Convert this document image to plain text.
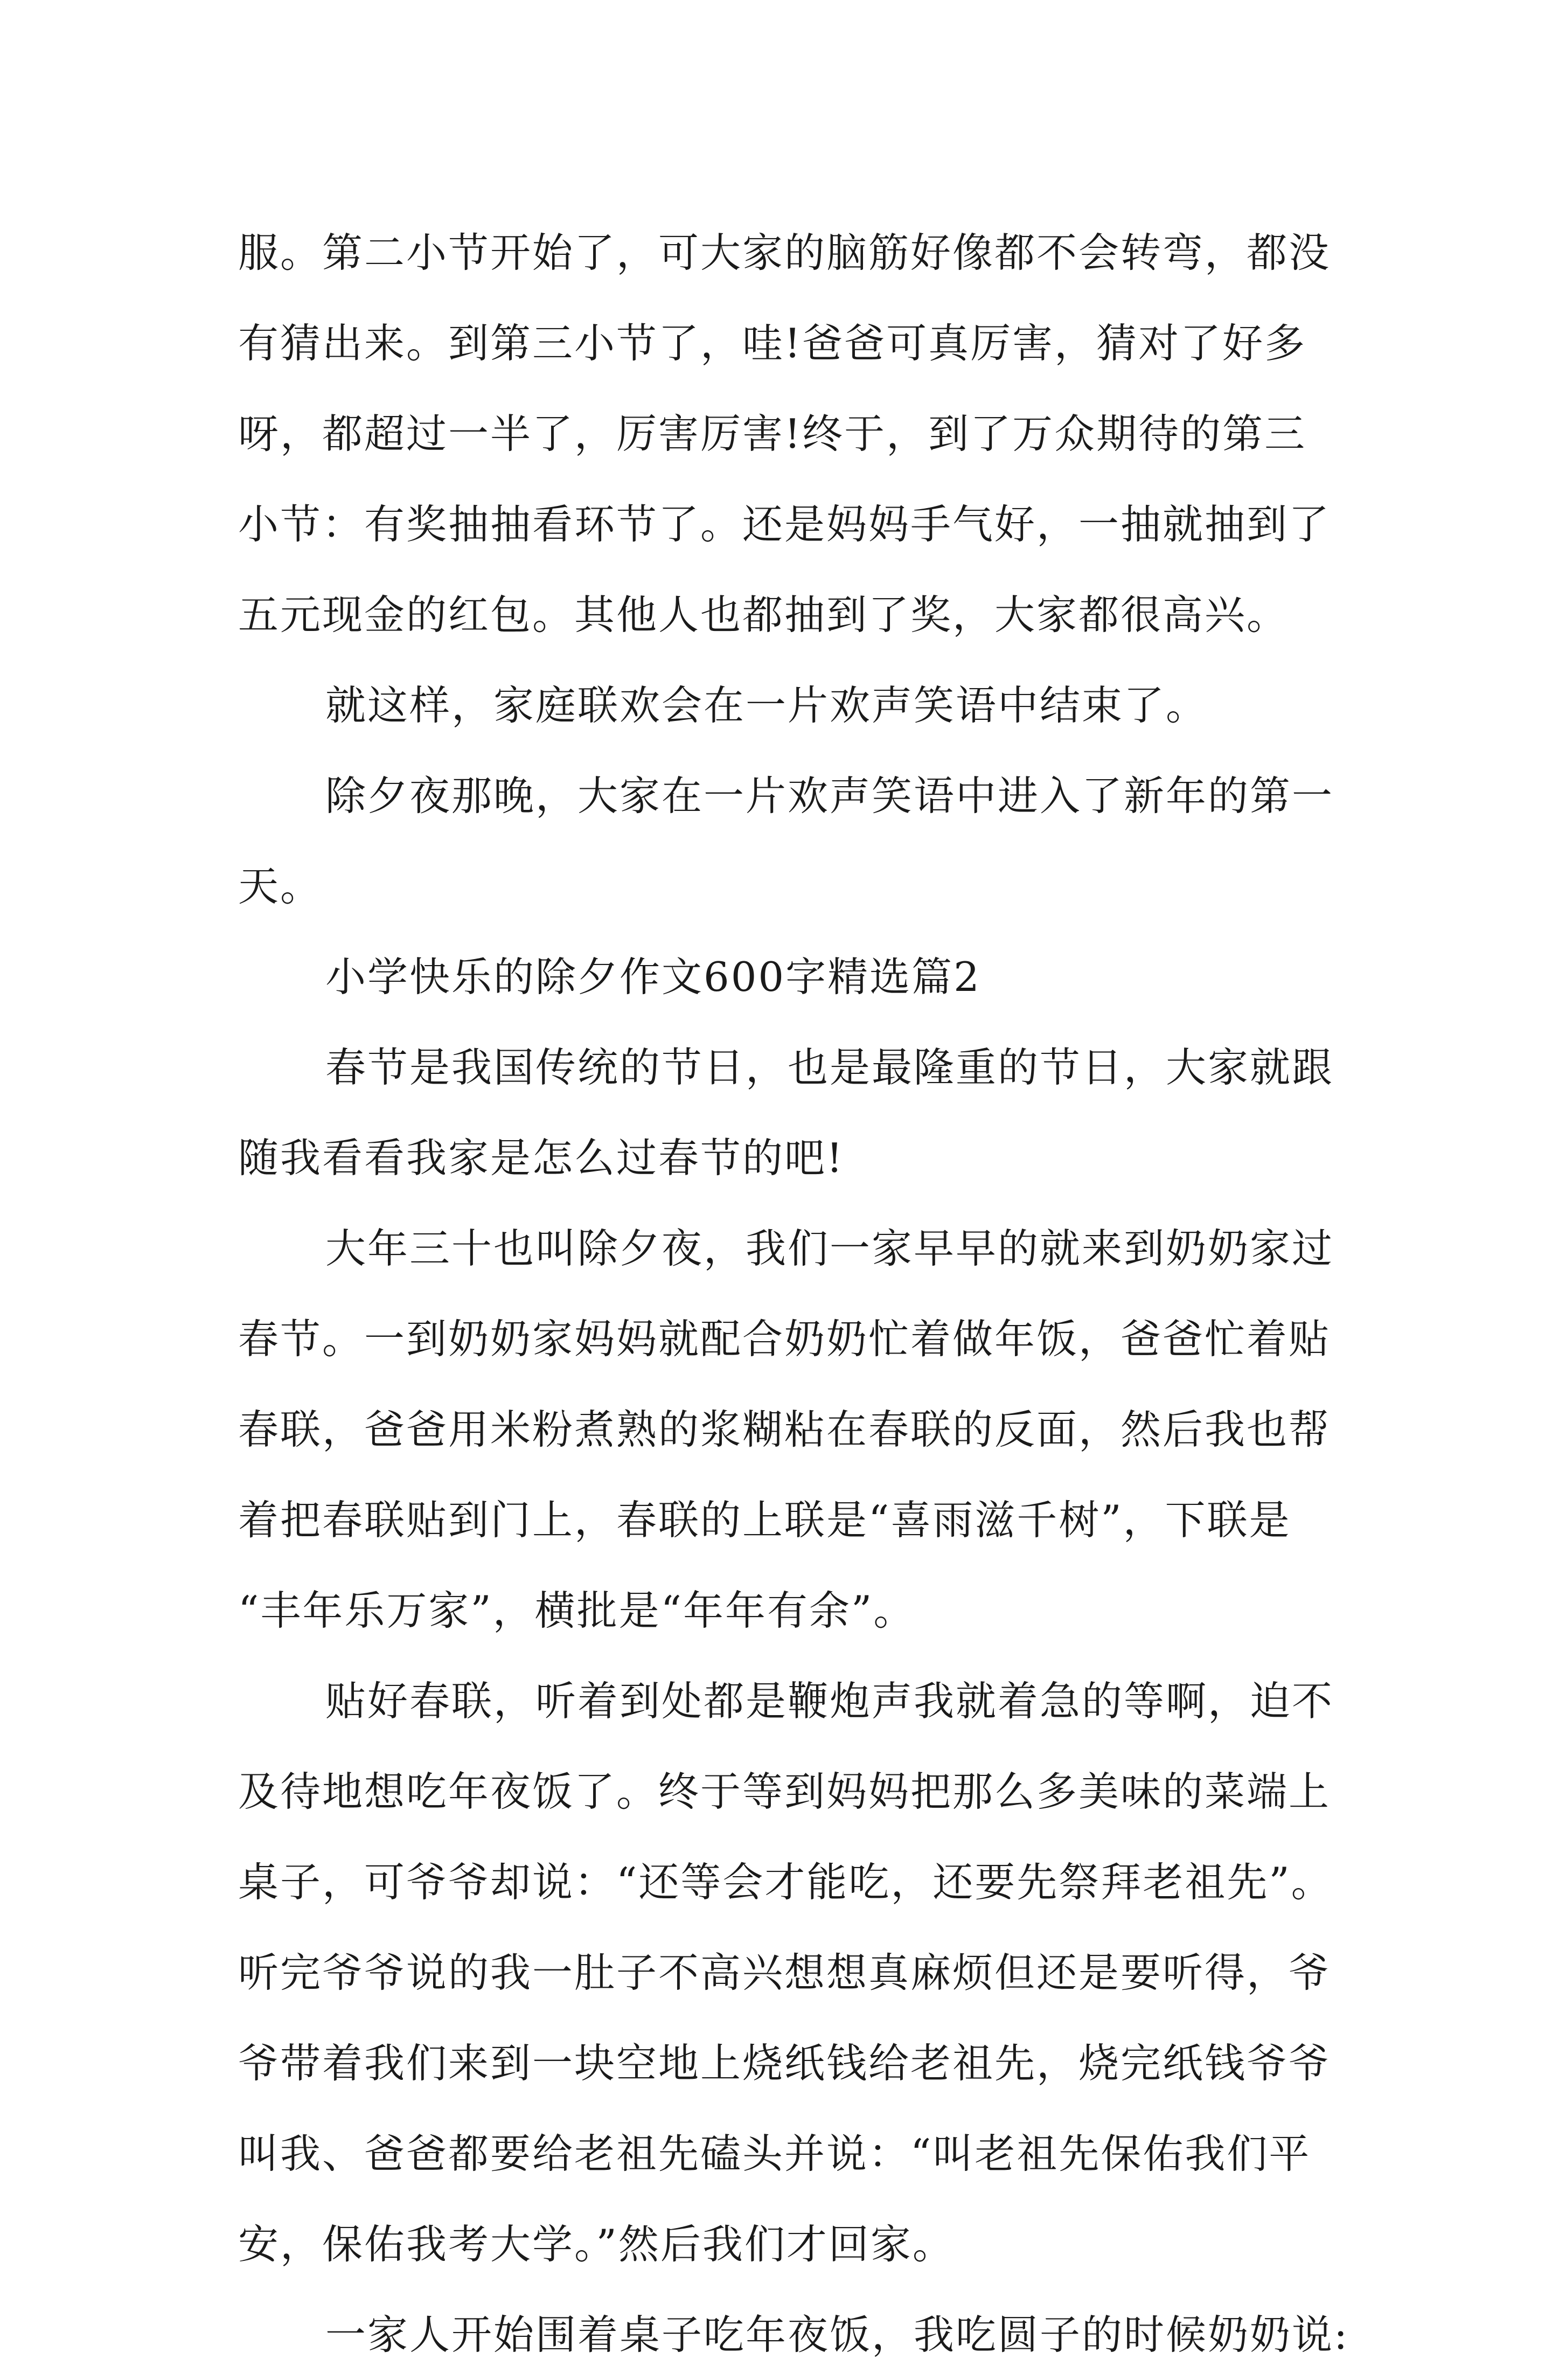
服。第二小节开始了，可大家的脑筋好像都不会转弯，都没
有猜出来。到第三小节了，哇!爸爸可真厉害，猜对了好多
呀，都超过一半了，厉害厉害!终于，到了万众期待的第三
小节：有奖抽抽看环节了。还是妈妈手气好，一抽就抽到了
五元现金的红包。其他人也都抽到了奖，大家都很高兴。
就这样，家庭联欢会在一片欢声笑语中结束了。
除夕夜那晚，大家在一片欢声笑语中进入了新年的第一
天。
小学快乐的除夕作文600字精选篇2
春节是我国传统的节日，也是最隆重的节日，大家就跟
随我看看我家是怎么过春节的吧!
大年三十也叫除夕夜，我们一家早早的就来到奶奶家过
春节。一到奶奶家妈妈就配合奶奶忙着做年饭，爸爸忙着贴
春联，爸爸用米粉煮熟的浆糊粘在春联的反面，然后我也帮
着把春联贴到门上，春联的上联是“喜雨滋千树”，下联是
“丰年乐万家”，横批是“年年有余”。
贴好春联，听着到处都是鞭炮声我就着急的等啊，迫不
及待地想吃年夜饭了。终于等到妈妈把那么多美味的菜端上
桌子，可爷爷却说：“还等会才能吃，还要先祭拜老祖先”。
听完爷爷说的我一肚子不高兴想想真麻烦但还是要听得，爷
爷带着我们来到一块空地上烧纸钱给老祖先，烧完纸钱爷爷
叫我、爸爸都要给老祖先磕头并说：“叫老祖先保佑我们平
安，保佑我考大学。”然后我们才回家。
一家人开始围着桌子吃年夜饭，我吃圆子的时候奶奶说:
